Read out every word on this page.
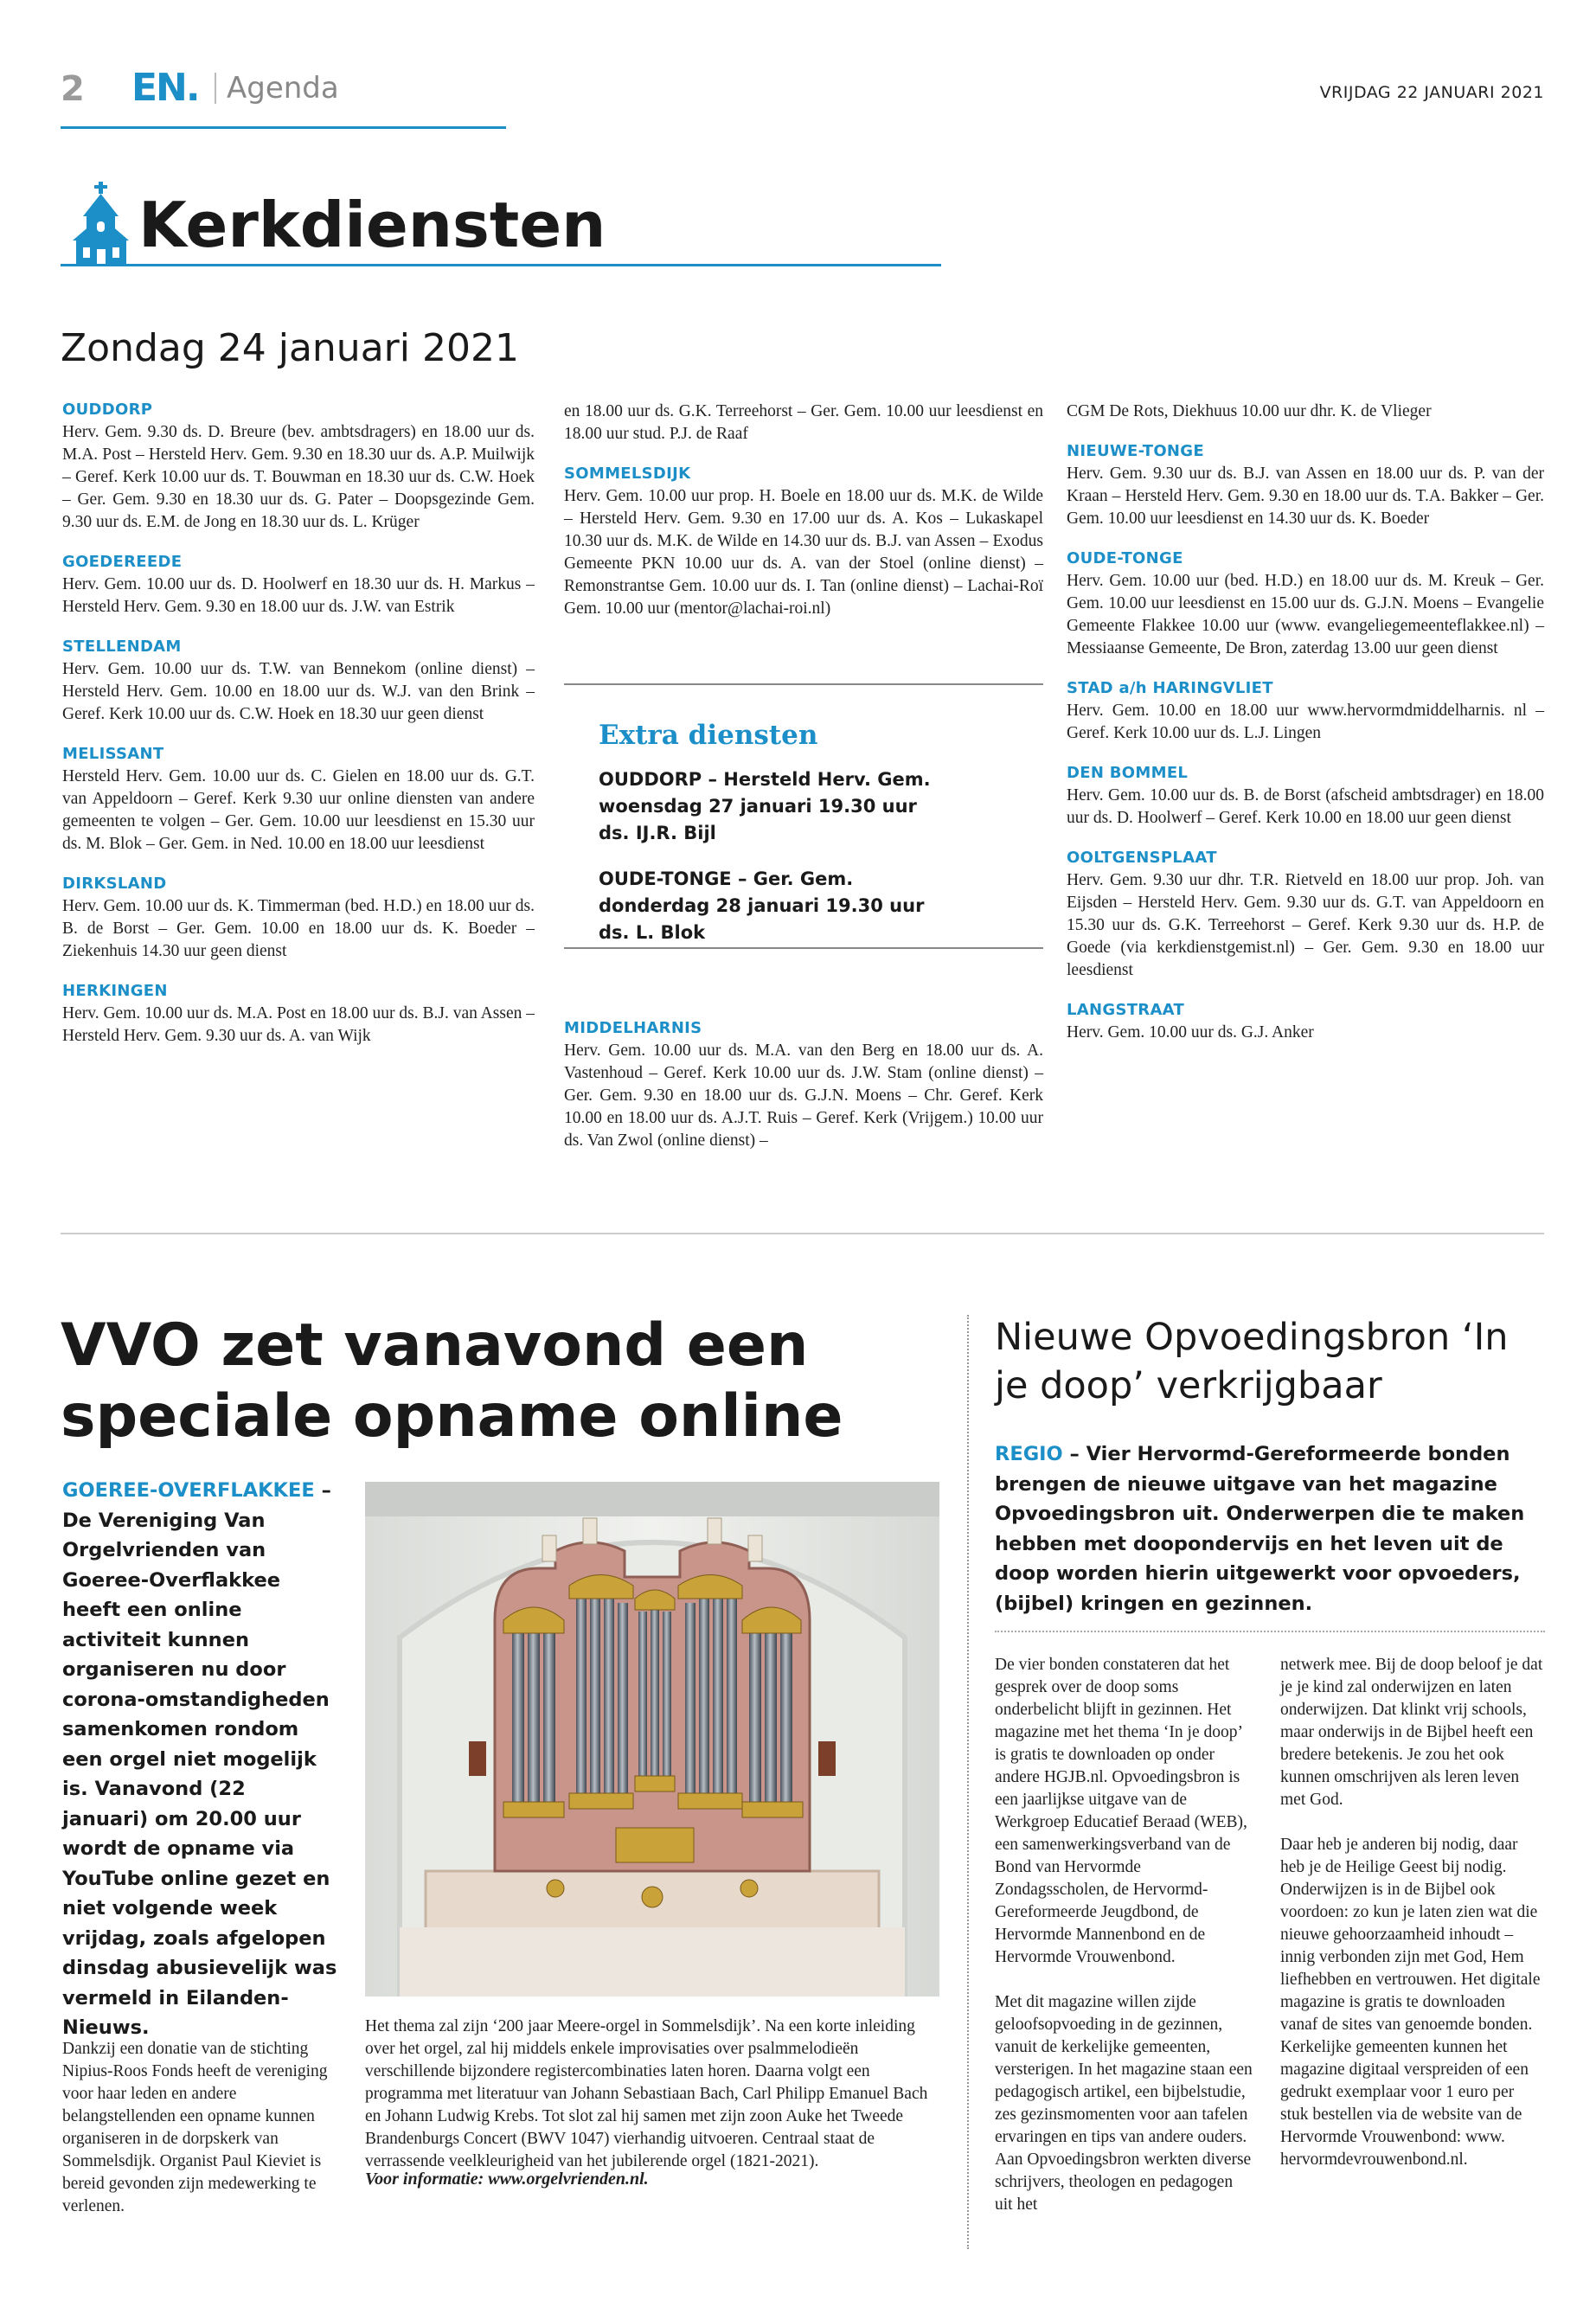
2 EN. Agenda	VRIJDAG 22 JANUARI 2021
Kerkdiensten
Zondag 24 januari 2021
OUDDORP
Herv. Gem. 9.30 ds. D. Breure (bev. ambtsdragers) en 18.00 uur ds. M.A. Post – Hersteld Herv. Gem. 9.30 en 18.30 uur ds. A.P. Muilwijk – Geref. Kerk 10.00 uur ds. T. Bouwman en 18.30 uur ds. C.W. Hoek – Ger. Gem. 9.30 en 18.30 uur ds. G. Pater – Doopsgezinde Gem. 9.30 uur ds. E.M. de Jong en 18.30 uur ds. L. Krüger
GOEDEREEDE
Herv. Gem. 10.00 uur ds. D. Hoolwerf en 18.30 uur ds. H. Markus – Hersteld Herv. Gem. 9.30 en 18.00 uur ds. J.W. van Estrik
STELLENDAM
Herv. Gem. 10.00 uur ds. T.W. van Bennekom (online dienst) – Hersteld Herv. Gem. 10.00 en 18.00 uur ds. W.J. van den Brink – Geref. Kerk 10.00 uur ds. C.W. Hoek en 18.30 uur geen dienst
MELISSANT
Hersteld Herv. Gem. 10.00 uur ds. C. Gielen en 18.00 uur ds. G.T. van Appeldoorn – Geref. Kerk 9.30 uur online diensten van andere gemeenten te volgen – Ger. Gem. 10.00 uur leesdienst en 15.30 uur ds. M. Blok – Ger. Gem. in Ned. 10.00 en 18.00 uur leesdienst
DIRKSLAND
Herv. Gem. 10.00 uur ds. K. Timmerman (bed. H.D.) en 18.00 uur ds. B. de Borst – Ger. Gem. 10.00 en 18.00 uur ds. K. Boeder – Ziekenhuis 14.30 uur geen dienst
HERKINGEN
Herv. Gem. 10.00 uur ds. M.A. Post en 18.00 uur ds. B.J. van Assen – Hersteld Herv. Gem. 9.30 uur ds. A. van Wijk
en 18.00 uur ds. G.K. Terreehorst – Ger. Gem. 10.00 uur leesdienst en 18.00 uur stud. P.J. de Raaf
SOMMELSDIJK
Herv. Gem. 10.00 uur prop. H. Boele en 18.00 uur ds. M.K. de Wilde – Hersteld Herv. Gem. 9.30 en 17.00 uur ds. A. Kos – Lukaskapel 10.30 uur ds. M.K. de Wilde en 14.30 uur ds. B.J. van Assen – Exodus Gemeente PKN 10.00 uur ds. A. van der Stoel (online dienst) – Remonstrantse Gem. 10.00 uur ds. I. Tan (online dienst) – Lachai-Roï Gem. 10.00 uur (mentor@lachai-roi.nl)
Extra diensten
OUDDORP – Hersteld Herv. Gem. woensdag 27 januari 19.30 uur ds. IJ.R. Bijl
OUDE-TONGE – Ger. Gem. donderdag 28 januari 19.30 uur ds. L. Blok
MIDDELHARNIS
Herv. Gem. 10.00 uur ds. M.A. van den Berg en 18.00 uur ds. A. Vastenhoud – Geref. Kerk 10.00 uur ds. J.W. Stam (online dienst) – Ger. Gem. 9.30 en 18.00 uur ds. G.J.N. Moens – Chr. Geref. Kerk 10.00 en 18.00 uur ds. A.J.T. Ruis – Geref. Kerk (Vrijgem.) 10.00 uur ds. Van Zwol (online dienst) –
CGM De Rots, Diekhuus 10.00 uur dhr. K. de Vlieger
NIEUWE-TONGE
Herv. Gem. 9.30 uur ds. B.J. van Assen en 18.00 uur ds. P. van der Kraan – Hersteld Herv. Gem. 9.30 en 18.00 uur ds. T.A. Bakker – Ger. Gem. 10.00 uur leesdienst en 14.30 uur ds. K. Boeder
OUDE-TONGE
Herv. Gem. 10.00 uur (bed. H.D.) en 18.00 uur ds. M. Kreuk – Ger. Gem. 10.00 uur leesdienst en 15.00 uur ds. G.J.N. Moens – Evangelie Gemeente Flakkee 10.00 uur (www. evangeliegemeenteflakkee.nl) – Messiaanse Gemeente, De Bron, zaterdag 13.00 uur geen dienst
STAD a/h HARINGVLIET
Herv. Gem. 10.00 en 18.00 uur www.hervormdmiddelharnis. nl – Geref. Kerk 10.00 uur ds. L.J. Lingen
DEN BOMMEL
Herv. Gem. 10.00 uur ds. B. de Borst (afscheid ambtsdrager) en 18.00 uur ds. D. Hoolwerf – Geref. Kerk 10.00 en 18.00 uur geen dienst
OOLTGENSPLAAT
Herv. Gem. 9.30 uur dhr. T.R. Rietveld en 18.00 uur prop. Joh. van Eijsden – Hersteld Herv. Gem. 9.30 uur ds. G.T. van Appeldoorn en 15.30 uur ds. G.K. Terreehorst – Geref. Kerk 9.30 uur ds. H.P. de Goede (via kerkdienstgemist.nl) – Ger. Gem. 9.30 en 18.00 uur leesdienst
LANGSTRAAT
Herv. Gem. 10.00 uur ds. G.J. Anker
VVO zet vanavond een speciale opname online
GOEREE-OVERFLAKKEE – De Vereniging Van Orgelvrienden van Goeree-Overflakkee heeft een online activiteit kunnen organiseren nu door corona-omstandigheden samenkomen rondom een orgel niet mogelijk is. Vanavond (22 januari) om 20.00 uur wordt de opname via YouTube online gezet en niet volgende week vrijdag, zoals afgelopen dinsdag abusievelijk was vermeld in Eilanden-Nieuws.
Dankzij een donatie van de stichting Nipius-Roos Fonds heeft de vereniging voor haar leden en andere belangstellenden een opname kunnen organiseren in de dorpskerk van Sommelsdijk. Organist Paul Kieviet is bereid gevonden zijn medewerking te verlenen.
Het thema zal zijn ‘200 jaar Meere-orgel in Sommelsdijk’. Na een korte inleiding over het orgel, zal hij middels enkele improvisaties over psalmmelodieën verschillende bijzondere registercombinaties laten horen. Daarna volgt een programma met literatuur van Johann Sebastiaan Bach, Carl Philipp Emanuel Bach en Johann Ludwig Krebs. Tot slot zal hij samen met zijn zoon Auke het Tweede Brandenburgs Concert (BWV 1047) vierhandig uitvoeren. Centraal staat de verrassende veelkleurigheid van het jubilerende orgel (1821-2021).
Voor informatie: www.orgelvrienden.nl.
Nieuwe Opvoedingsbron ‘In je doop’ verkrijgbaar
REGIO – Vier Hervormd-Gereformeerde bonden brengen de nieuwe uitgave van het magazine Opvoedingsbron uit. Onderwerpen die te maken hebben met doopondervijs en het leven uit de doop worden hierin uitgewerkt voor opvoeders, (bijbel) kringen en gezinnen.
De vier bonden constateren dat het gesprek over de doop soms onderbelicht blijft in gezinnen. Het magazine met het thema ‘In je doop’ is gratis te downloaden op onder andere HGJB.nl. Opvoedingsbron is een jaarlijkse uitgave van de Werkgroep Educatief Beraad (WEB), een samenwerkingsverband van de Bond van Hervormde Zondagsscholen, de Hervormd-Gereformeerde Jeugdbond, de Hervormde Mannenbond en de Hervormde Vrouwenbond.
Met dit magazine willen zijde geloofsopvoeding in de gezinnen, vanuit de kerkelijke gemeenten, versterigen. In het magazine staan een pedagogisch artikel, een bijbelstudie, zes gezinsmomenten voor aan tafelen ervaringen en tips van andere ouders. Aan Opvoedingsbron werkten diverse schrijvers, theologen en pedagogen uit het
netwerk mee. Bij de doop beloof je dat je je kind zal onderwijzen en laten onderwijzen. Dat klinkt vrij schools, maar onderwijs in de Bijbel heeft een bredere betekenis. Je zou het ook kunnen omschrijven als leren leven met God.
Daar heb je anderen bij nodig, daar heb je de Heilige Geest bij nodig. Onderwijzen is in de Bijbel ook voordoen: zo kun je laten zien wat die nieuwe gehoorzaamheid inhoudt – innig verbonden zijn met God, Hem liefhebben en vertrouwen. Het digitale magazine is gratis te downloaden vanaf de sites van genoemde bonden. Kerkelijke gemeenten kunnen het magazine digitaal verspreiden of een gedrukt exemplaar voor 1 euro per stuk bestellen via de website van de Hervormde Vrouwenbond: www. hervormdevrouwenbond.nl.
